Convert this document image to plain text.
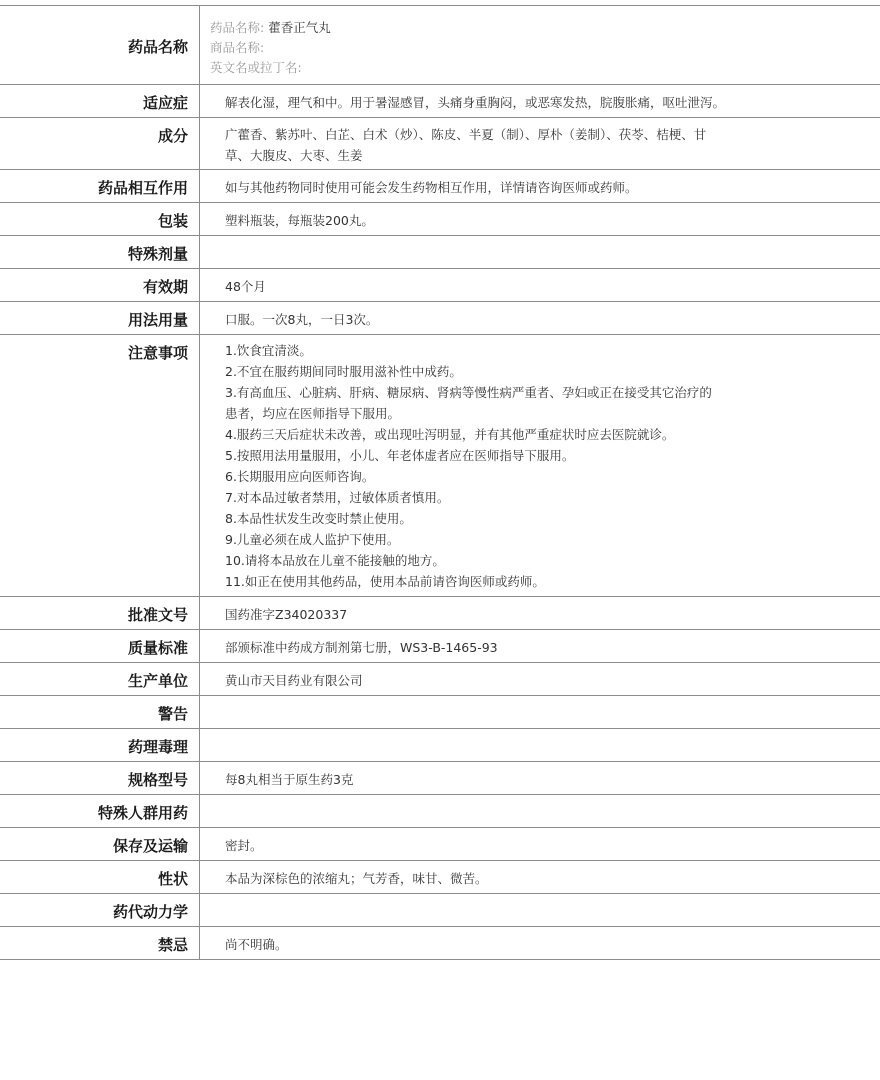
药品名称

药品名称: 藿香正气丸

商品名称:

英文名或拉丁名:

适应症	解表化湿，理气和中。用于暑湿感冒，头痛身重胸闷，或恶寒发热，脘腹胀痛，呕吐泄泻。
成分	广藿香、紫苏叶、白芷、白术（炒）、陈皮、半夏（制）、厚朴（姜制）、茯苓、桔梗、甘

草、大腹皮、大枣、生姜

药品相互作用	如与其他药物同时使用可能会发生药物相互作用，详情请咨询医师或药师。
包装	塑料瓶装，每瓶装200丸。
特殊剂量
有效期	48个月
用法用量	口服。一次8丸，一日3次。
注意事项	1.饮食宜清淡。

2.不宜在服药期间同时服用滋补性中成药。

3.有高血压、心脏病、肝病、糖尿病、肾病等慢性病严重者、孕妇或正在接受其它治疗的

患者，均应在医师指导下服用。

4.服药三天后症状未改善，或出现吐泻明显，并有其他严重症状时应去医院就诊。

5.按照用法用量服用，小儿、年老体虚者应在医师指导下服用。

6.长期服用应向医师咨询。

7.对本品过敏者禁用，过敏体质者慎用。

8.本品性状发生改变时禁止使用。

9.儿童必须在成人监护下使用。

10.请将本品放在儿童不能接触的地方。

11.如正在使用其他药品，使用本品前请咨询医师或药师。

批准文号	国药准字Z34020337
质量标准	部颁标准中药成方制剂第七册，WS3-B-1465-93
生产单位	黄山市天目药业有限公司
警告
药理毒理
规格型号	每8丸相当于原生药3克
特殊人群用药
保存及运输	密封。
性状	本品为深棕色的浓缩丸；气芳香，味甘、微苦。
药代动力学
禁忌	尚不明确。
